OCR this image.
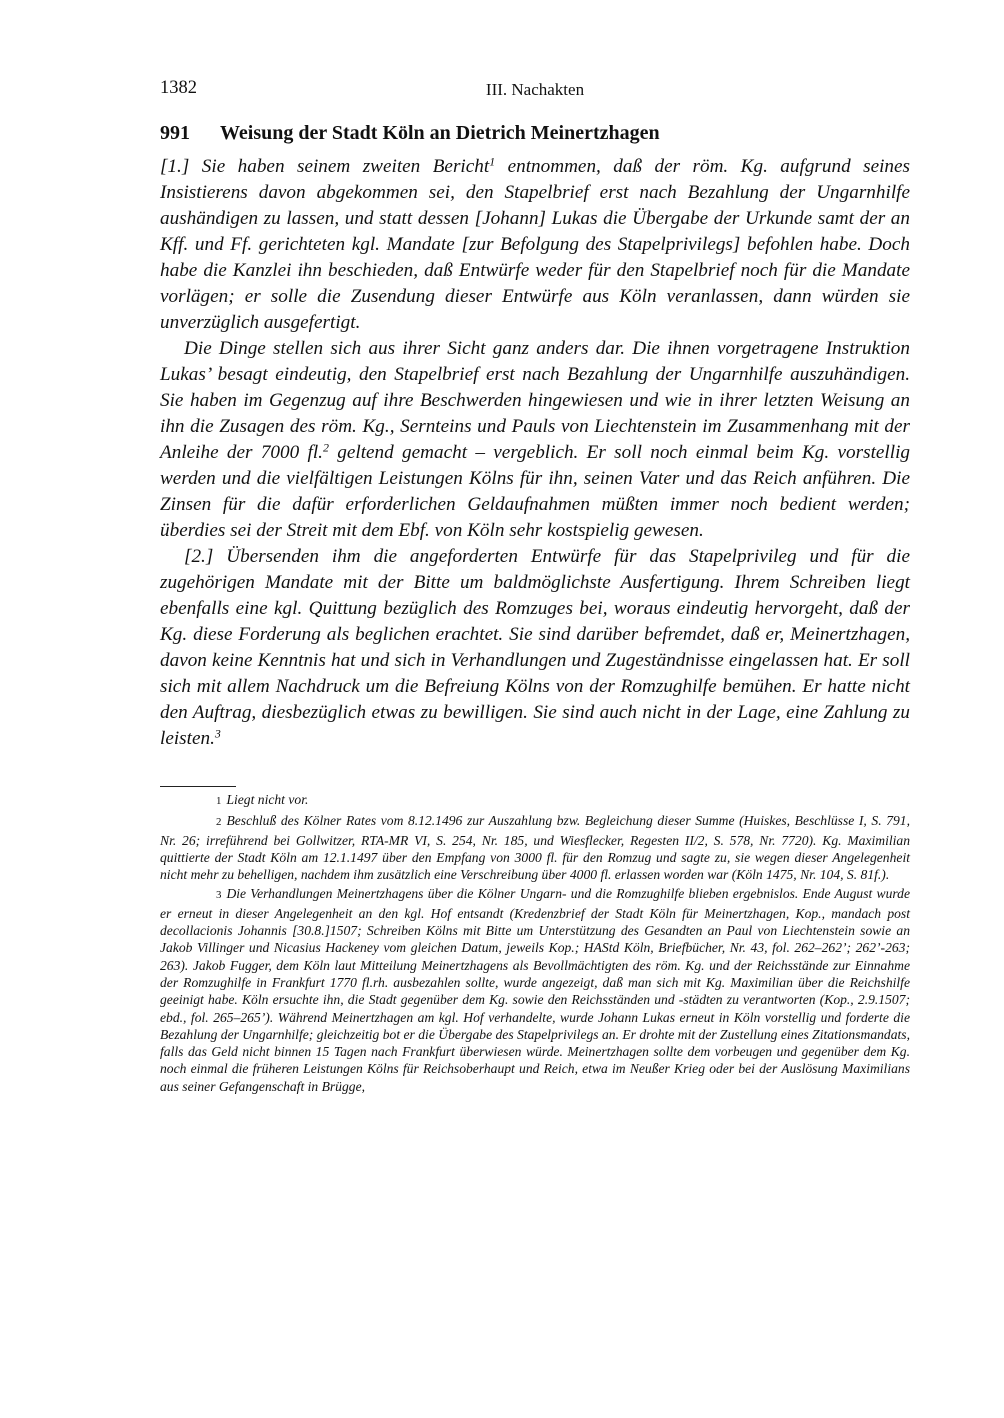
1382	III. Nachakten
991 Weisung der Stadt Köln an Dietrich Meinertzhagen

[1.] Sie haben seinem zweiten Bericht$^1$ entnommen, daß der röm. Kg. aufgrund seines Insistierens davon abgekommen sei, den Stapelbrief erst nach Bezahlung der Ungarnhilfe aushändigen zu lassen, und statt dessen [Johann] Lukas die Übergabe der Urkunde samt der an Kff. und Ff. gerichteten kgl. Mandate [zur Befolgung des Stapelprivilegs] befohlen habe. Doch habe die Kanzlei ihn beschieden, daß Entwürfe weder für den Stapelbrief noch für die Mandate vorlägen; er solle die Zusendung dieser Entwürfe aus Köln veranlassen, dann würden sie unverzüglich ausgefertigt.

Die Dinge stellen sich aus ihrer Sicht ganz anders dar. Die ihnen vorgetragene Instruktion Lukas’ besagt eindeutig, den Stapelbrief erst nach Bezahlung der Ungarnhilfe auszuhändigen. Sie haben im Gegenzug auf ihre Beschwerden hingewiesen und wie in ihrer letzten Weisung an ihn die Zusagen des röm. Kg., Sernteins und Pauls von Liechtenstein im Zusammenhang mit der Anleihe der 7000 fl.$^2$ geltend gemacht – vergeblich. Er soll noch einmal beim Kg. vorstellig werden und die vielfältigen Leistungen Kölns für ihn, seinen Vater und das Reich anführen. Die Zinsen für die dafür erforderlichen Geldaufnahmen müßten immer noch bedient werden; überdies sei der Streit mit dem Ebf. von Köln sehr kostspielig gewesen.

[2.] Übersenden ihm die angeforderten Entwürfe für das Stapelprivileg und für die zugehörigen Mandate mit der Bitte um baldmöglichste Ausfertigung. Ihrem Schreiben liegt ebenfalls eine kgl. Quittung bezüglich des Romzuges bei, woraus eindeutig hervorgeht, daß der Kg. diese Forderung als beglichen erachtet. Sie sind darüber befremdet, daß er, Meinertzhagen, davon keine Kenntnis hat und sich in Verhandlungen und Zugeständnisse eingelassen hat. Er soll sich mit allem Nachdruck um die Befreiung Kölns von der Romzughilfe bemühen. Er hatte nicht den Auftrag, diesbezüglich etwas zu bewilligen. Sie sind auch nicht in der Lage, eine Zahlung zu leisten.$^3$

1 Liegt nicht vor.

2 Beschluß des Kölner Rates vom 8.12.1496 zur Auszahlung bzw. Begleichung dieser Summe (Huiskes, Beschlüsse I, S. 791, Nr. 26; irreführend bei Gollwitzer, RTA-MR VI, S. 254, Nr. 185, und Wiesflecker, Regesten II/2, S. 578, Nr. 7720). Kg. Maximilian quittierte der Stadt Köln am 12.1.1497 über den Empfang von 3000 fl. für den Romzug und sagte zu, sie wegen dieser Angelegenheit nicht mehr zu behelligen, nachdem ihm zusätzlich eine Verschreibung über 4000 fl. erlassen worden war (Köln 1475, Nr. 104, S. 81f.).

3 Die Verhandlungen Meinertzhagens über die Kölner Ungarn- und die Romzughilfe blieben ergebnislos. Ende August wurde er erneut in dieser Angelegenheit an den kgl. Hof entsandt (Kredenzbrief der Stadt Köln für Meinertzhagen, Kop., mandach post decollacionis Johannis [30.8.]1507; Schreiben Kölns mit Bitte um Unterstützung des Gesandten an Paul von Liechtenstein sowie an Jakob Villinger und Nicasius Hackeney vom gleichen Datum, jeweils Kop.; HAStd Köln, Briefbücher, Nr. 43, fol. 262–262’; 262’-263; 263). Jakob Fugger, dem Köln laut Mitteilung Meinertzhagens als Bevollmächtigten des röm. Kg. und der Reichsstände zur Einnahme der Romzughilfe in Frankfurt 1770 fl.rh. ausbezahlen sollte, wurde angezeigt, daß man sich mit Kg. Maximilian über die Reichshilfe geeinigt habe. Köln ersuchte ihn, die Stadt gegenüber dem Kg. sowie den Reichsständen und -städten zu verantworten (Kop., 2.9.1507; ebd., fol. 265–265’). Während Meinertzhagen am kgl. Hof verhandelte, wurde Johann Lukas erneut in Köln vorstellig und forderte die Bezahlung der Ungarnhilfe; gleichzeitig bot er die Übergabe des Stapelprivilegs an. Er drohte mit der Zustellung eines Zitationsmandats, falls das Geld nicht binnen 15 Tagen nach Frankfurt überwiesen würde. Meinertzhagen sollte dem vorbeugen und gegenüber dem Kg. noch einmal die früheren Leistungen Kölns für Reichsoberhaupt und Reich, etwa im Neußer Krieg oder bei der Auslösung Maximilians aus seiner Gefangenschaft in Brügge,
